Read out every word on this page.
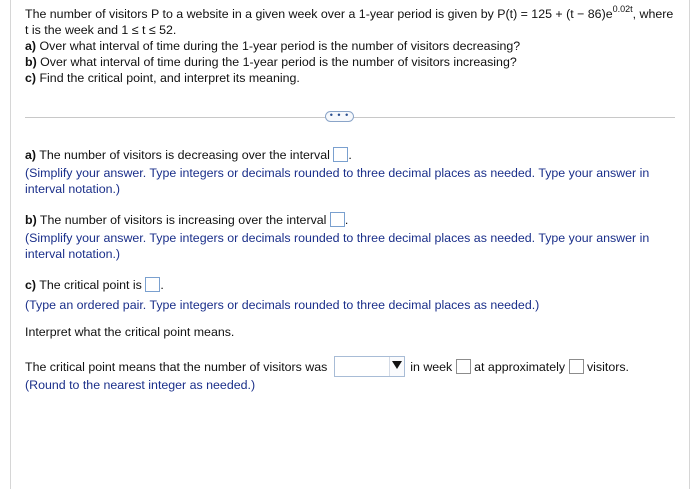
The number of visitors P to a website in a given week over a 1-year period is given by $P(t) = 125 + (t - 86)e^{0.02t}$, where

t is the week and 1 ≤ t ≤ 52.

a) Over what interval of time during the 1-year period is the number of visitors decreasing?

b) Over what interval of time during the 1-year period is the number of visitors increasing?

c) Find the critical point, and interpret its meaning.

• • •

a) The number of visitors is decreasing over the interval .

(Simplify your answer. Type integers or decimals rounded to three decimal places as needed. Type your answer in interval notation.)

b) The number of visitors is increasing over the interval .

(Simplify your answer. Type integers or decimals rounded to three decimal places as needed. Type your answer in interval notation.)

c) The critical point is .

(Type an ordered pair. Type integers or decimals rounded to three decimal places as needed.)

Interpret what the critical point means.

The critical point means that the number of visitors was	in week at approximately visitors.

(Round to the nearest integer as needed.)
